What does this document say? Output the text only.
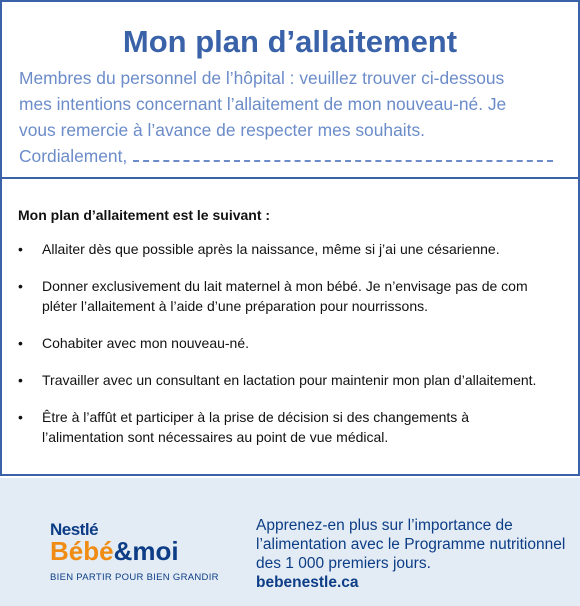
Mon plan d’allaitement
Membres du personnel de l’hôpital : veuillez trouver ci-dessous
mes intentions concernant l’allaitement de mon nouveau-né. Je
vous remercie à l’avance de respecter mes souhaits.
Cordialement,
Mon plan d’allaitement est le suivant :
• Allaiter dès que possible après la naissance, même si j’ai une césarienne.
• Donner exclusivement du lait maternel à mon bébé. Je n’envisage pas de com
pléter l’allaitement à l’aide d’une préparation pour nourrissons.
• Cohabiter avec mon nouveau-né.
• Travailler avec un consultant en lactation pour maintenir mon plan d’allaitement.
• Être à l’affût et participer à la prise de décision si des changements à
l’alimentation sont nécessaires au point de vue médical.
Nestlé
Bébé&moi
BIEN PARTIR POUR BIEN GRANDIR
Apprenez-en plus sur l’importance de
l’alimentation avec le Programme nutritionnel
des 1 000 premiers jours.
bebenestle.ca
